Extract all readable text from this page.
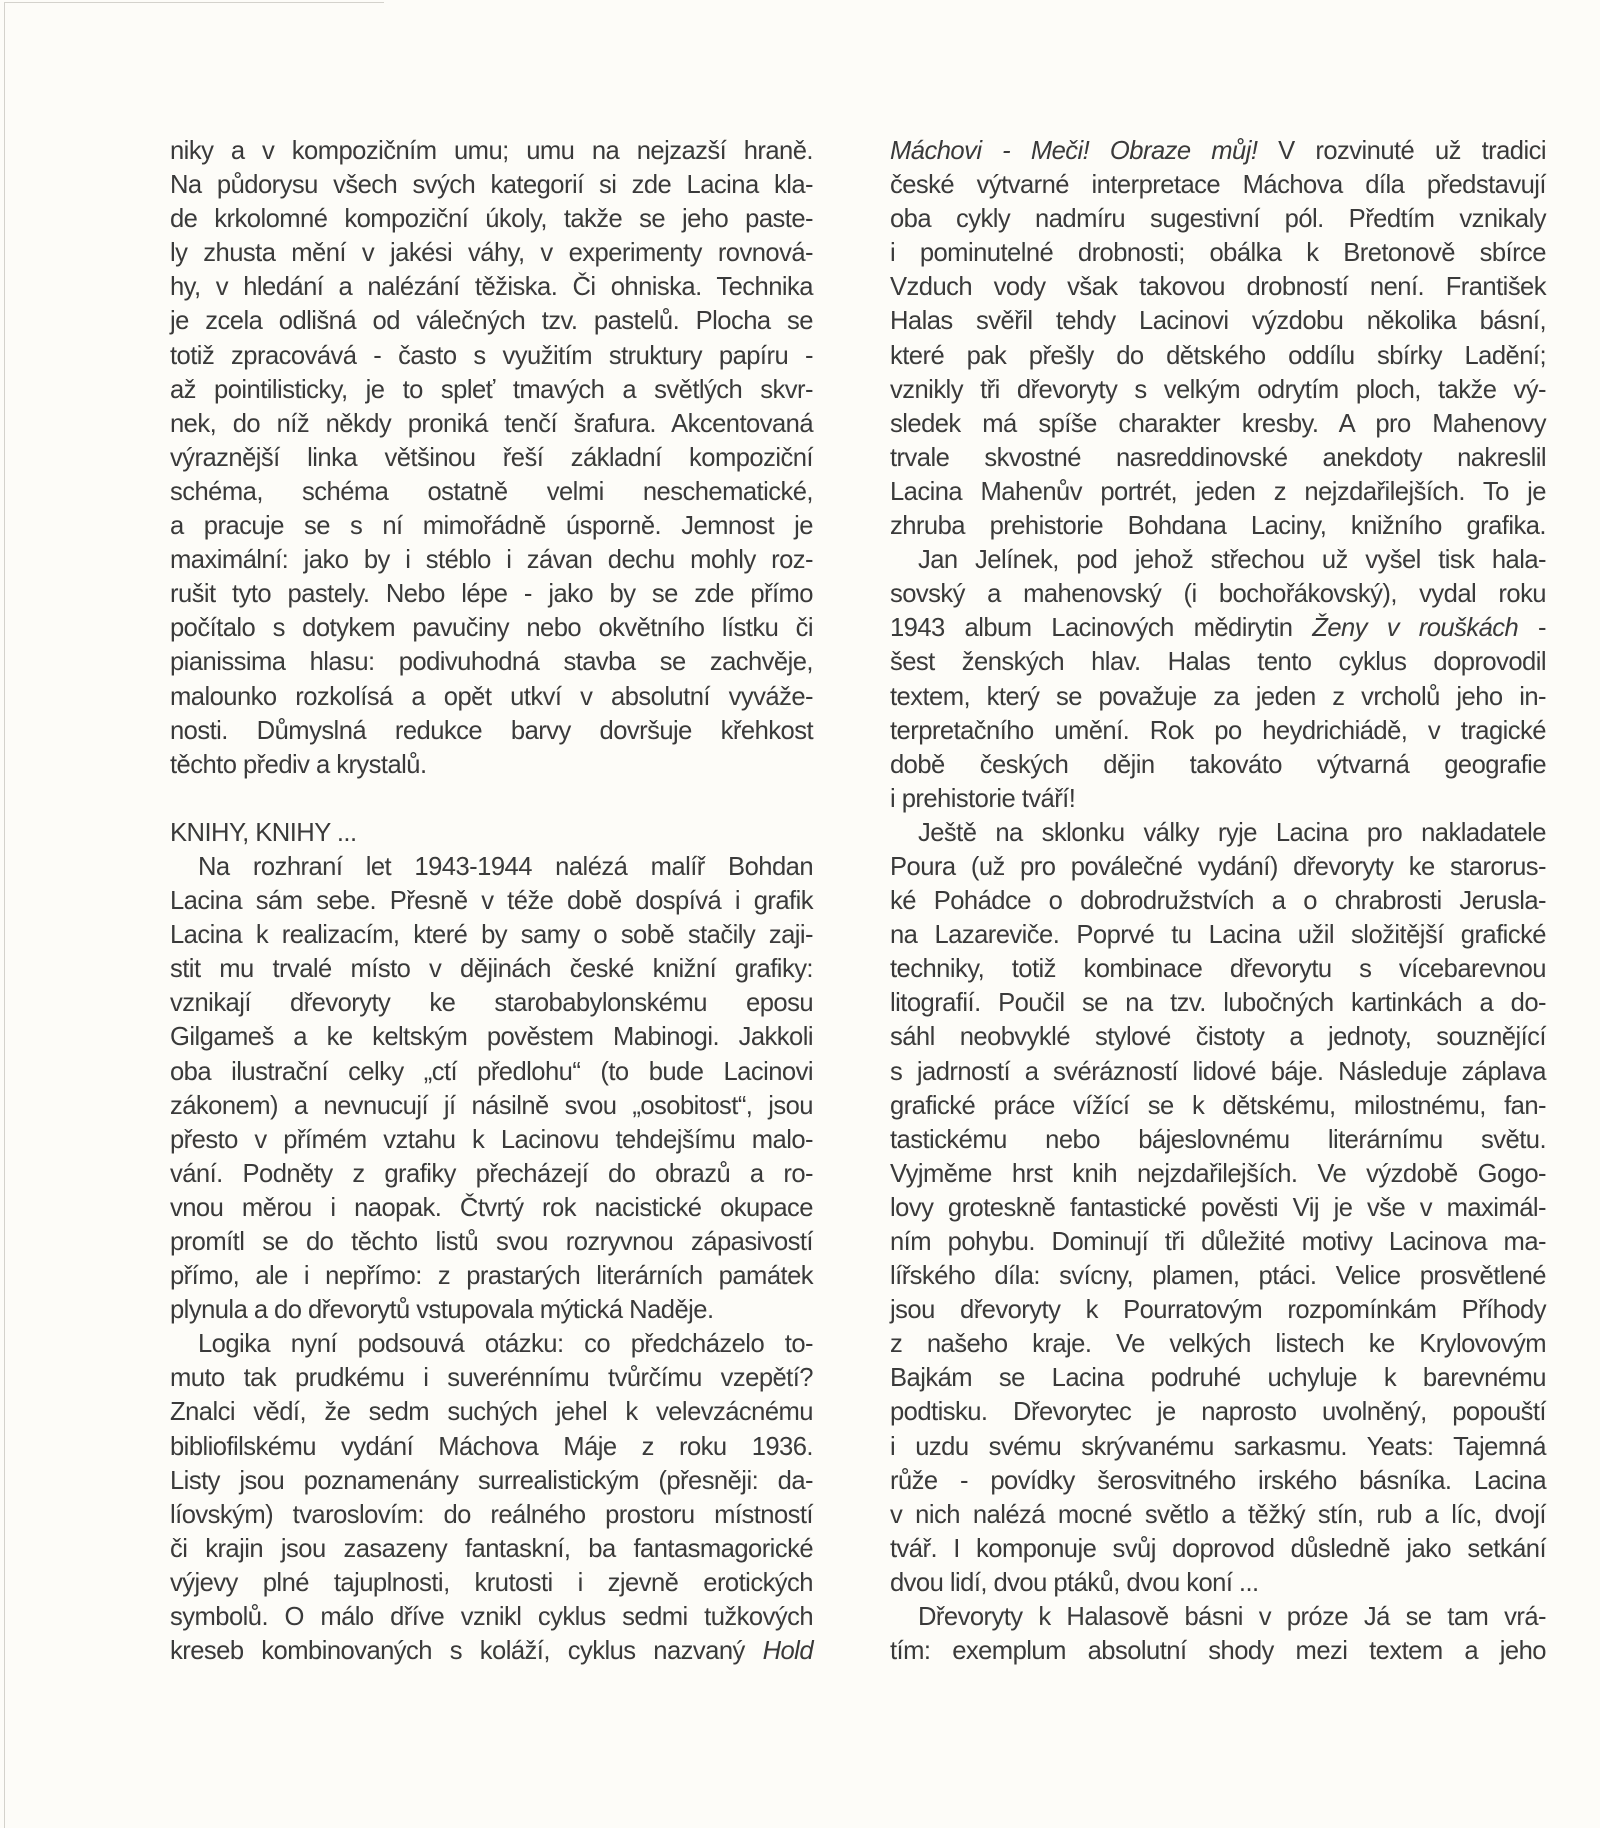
niky a v kompozičním umu; umu na nejzazší hraně.
Na půdorysu všech svých kategorií si zde Lacina kla-
de krkolomné kompoziční úkoly, takže se jeho paste-
ly zhusta mění v jakési váhy, v experimenty rovnová-
hy, v hledání a nalézání těžiska. Či ohniska. Technika
je zcela odlišná od válečných tzv. pastelů. Plocha se
totiž zpracovává - často s využitím struktury papíru -
až pointilisticky, je to spleť tmavých a světlých skvr-
nek, do níž někdy proniká tenčí šrafura. Akcentovaná
výraznější linka většinou řeší základní kompoziční
schéma, schéma ostatně velmi neschematické,
a pracuje se s ní mimořádně úsporně. Jemnost je
maximální: jako by i stéblo i závan dechu mohly roz-
rušit tyto pastely. Nebo lépe - jako by se zde přímo
počítalo s dotykem pavučiny nebo okvětního lístku či
pianissima hlasu: podivuhodná stavba se zachvěje,
malounko rozkolísá a opět utkví v absolutní vyváže-
nosti. Důmyslná redukce barvy dovršuje křehkost
těchto přediv a krystalů.
KNIHY, KNIHY ...
Na rozhraní let 1943-1944 nalézá malíř Bohdan
Lacina sám sebe. Přesně v téže době dospívá i grafik
Lacina k realizacím, které by samy o sobě stačily zaji-
stit mu trvalé místo v dějinách české knižní grafiky:
vznikají dřevoryty ke starobabylonskému eposu
Gilgameš a ke keltským pověstem Mabinogi. Jakkoli
oba ilustrační celky „ctí předlohu“ (to bude Lacinovi
zákonem) a nevnucují jí násilně svou „osobitost“, jsou
přesto v přímém vztahu k Lacinovu tehdejšímu malo-
vání. Podněty z grafiky přecházejí do obrazů a ro-
vnou měrou i naopak. Čtvrtý rok nacistické okupace
promítl se do těchto listů svou rozryvnou zápasivostí
přímo, ale i nepřímo: z prastarých literárních památek
plynula a do dřevorytů vstupovala mýtická Naděje.
Logika nyní podsouvá otázku: co předcházelo to-
muto tak prudkému i suverénnímu tvůrčímu vzepětí?
Znalci vědí, že sedm suchých jehel k velevzácnému
bibliofilskému vydání Máchova Máje z roku 1936.
Listy jsou poznamenány surrealistickým (přesněji: da-
líovským) tvaroslovím: do reálného prostoru místností
či krajin jsou zasazeny fantaskní, ba fantasmagorické
výjevy plné tajuplnosti, krutosti i zjevně erotických
symbolů. O málo dříve vznikl cyklus sedmi tužkových
kreseb kombinovaných s koláží, cyklus nazvaný Hold
Máchovi - Meči! Obraze můj! V rozvinuté už tradici
české výtvarné interpretace Máchova díla představují
oba cykly nadmíru sugestivní pól. Předtím vznikaly
i pominutelné drobnosti; obálka k Bretonově sbírce
Vzduch vody však takovou drobností není. František
Halas svěřil tehdy Lacinovi výzdobu několika básní,
které pak přešly do dětského oddílu sbírky Ladění;
vznikly tři dřevoryty s velkým odrytím ploch, takže vý-
sledek má spíše charakter kresby. A pro Mahenovy
trvale skvostné nasreddinovské anekdoty nakreslil
Lacina Mahenův portrét, jeden z nejzdařilejších. To je
zhruba prehistorie Bohdana Laciny, knižního grafika.
Jan Jelínek, pod jehož střechou už vyšel tisk hala-
sovský a mahenovský (i bochořákovský), vydal roku
1943 album Lacinových mědirytin Ženy v rouškách -
šest ženských hlav. Halas tento cyklus doprovodil
textem, který se považuje za jeden z vrcholů jeho in-
terpretačního umění. Rok po heydrichiádě, v tragické
době českých dějin takováto výtvarná geografie
i prehistorie tváří!
Ještě na sklonku války ryje Lacina pro nakladatele
Poura (už pro poválečné vydání) dřevoryty ke starorus-
ké Pohádce o dobrodružstvích a o chrabrosti Jerusla-
na Lazareviče. Poprvé tu Lacina užil složitější grafické
techniky, totiž kombinace dřevorytu s vícebarevnou
litografií. Poučil se na tzv. lubočných kartinkách a do-
sáhl neobvyklé stylové čistoty a jednoty, souznějící
s jadrností a svérázností lidové báje. Následuje záplava
grafické práce vížící se k dětskému, milostnému, fan-
tastickému nebo bájeslovnému literárnímu světu.
Vyjměme hrst knih nejzdařilejších. Ve výzdobě Gogo-
lovy groteskně fantastické pověsti Vij je vše v maximál-
ním pohybu. Dominují tři důležité motivy Lacinova ma-
lířského díla: svícny, plamen, ptáci. Velice prosvětlené
jsou dřevoryty k Pourratovým rozpomínkám Příhody
z našeho kraje. Ve velkých listech ke Krylovovým
Bajkám se Lacina podruhé uchyluje k barevnému
podtisku. Dřevorytec je naprosto uvolněný, popouští
i uzdu svému skrývanému sarkasmu. Yeats: Tajemná
růže - povídky šerosvitného irského básníka. Lacina
v nich nalézá mocné světlo a těžký stín, rub a líc, dvojí
tvář. I komponuje svůj doprovod důsledně jako setkání
dvou lidí, dvou ptáků, dvou koní ...
Dřevoryty k Halasově básni v próze Já se tam vrá-
tím: exemplum absolutní shody mezi textem a jeho
